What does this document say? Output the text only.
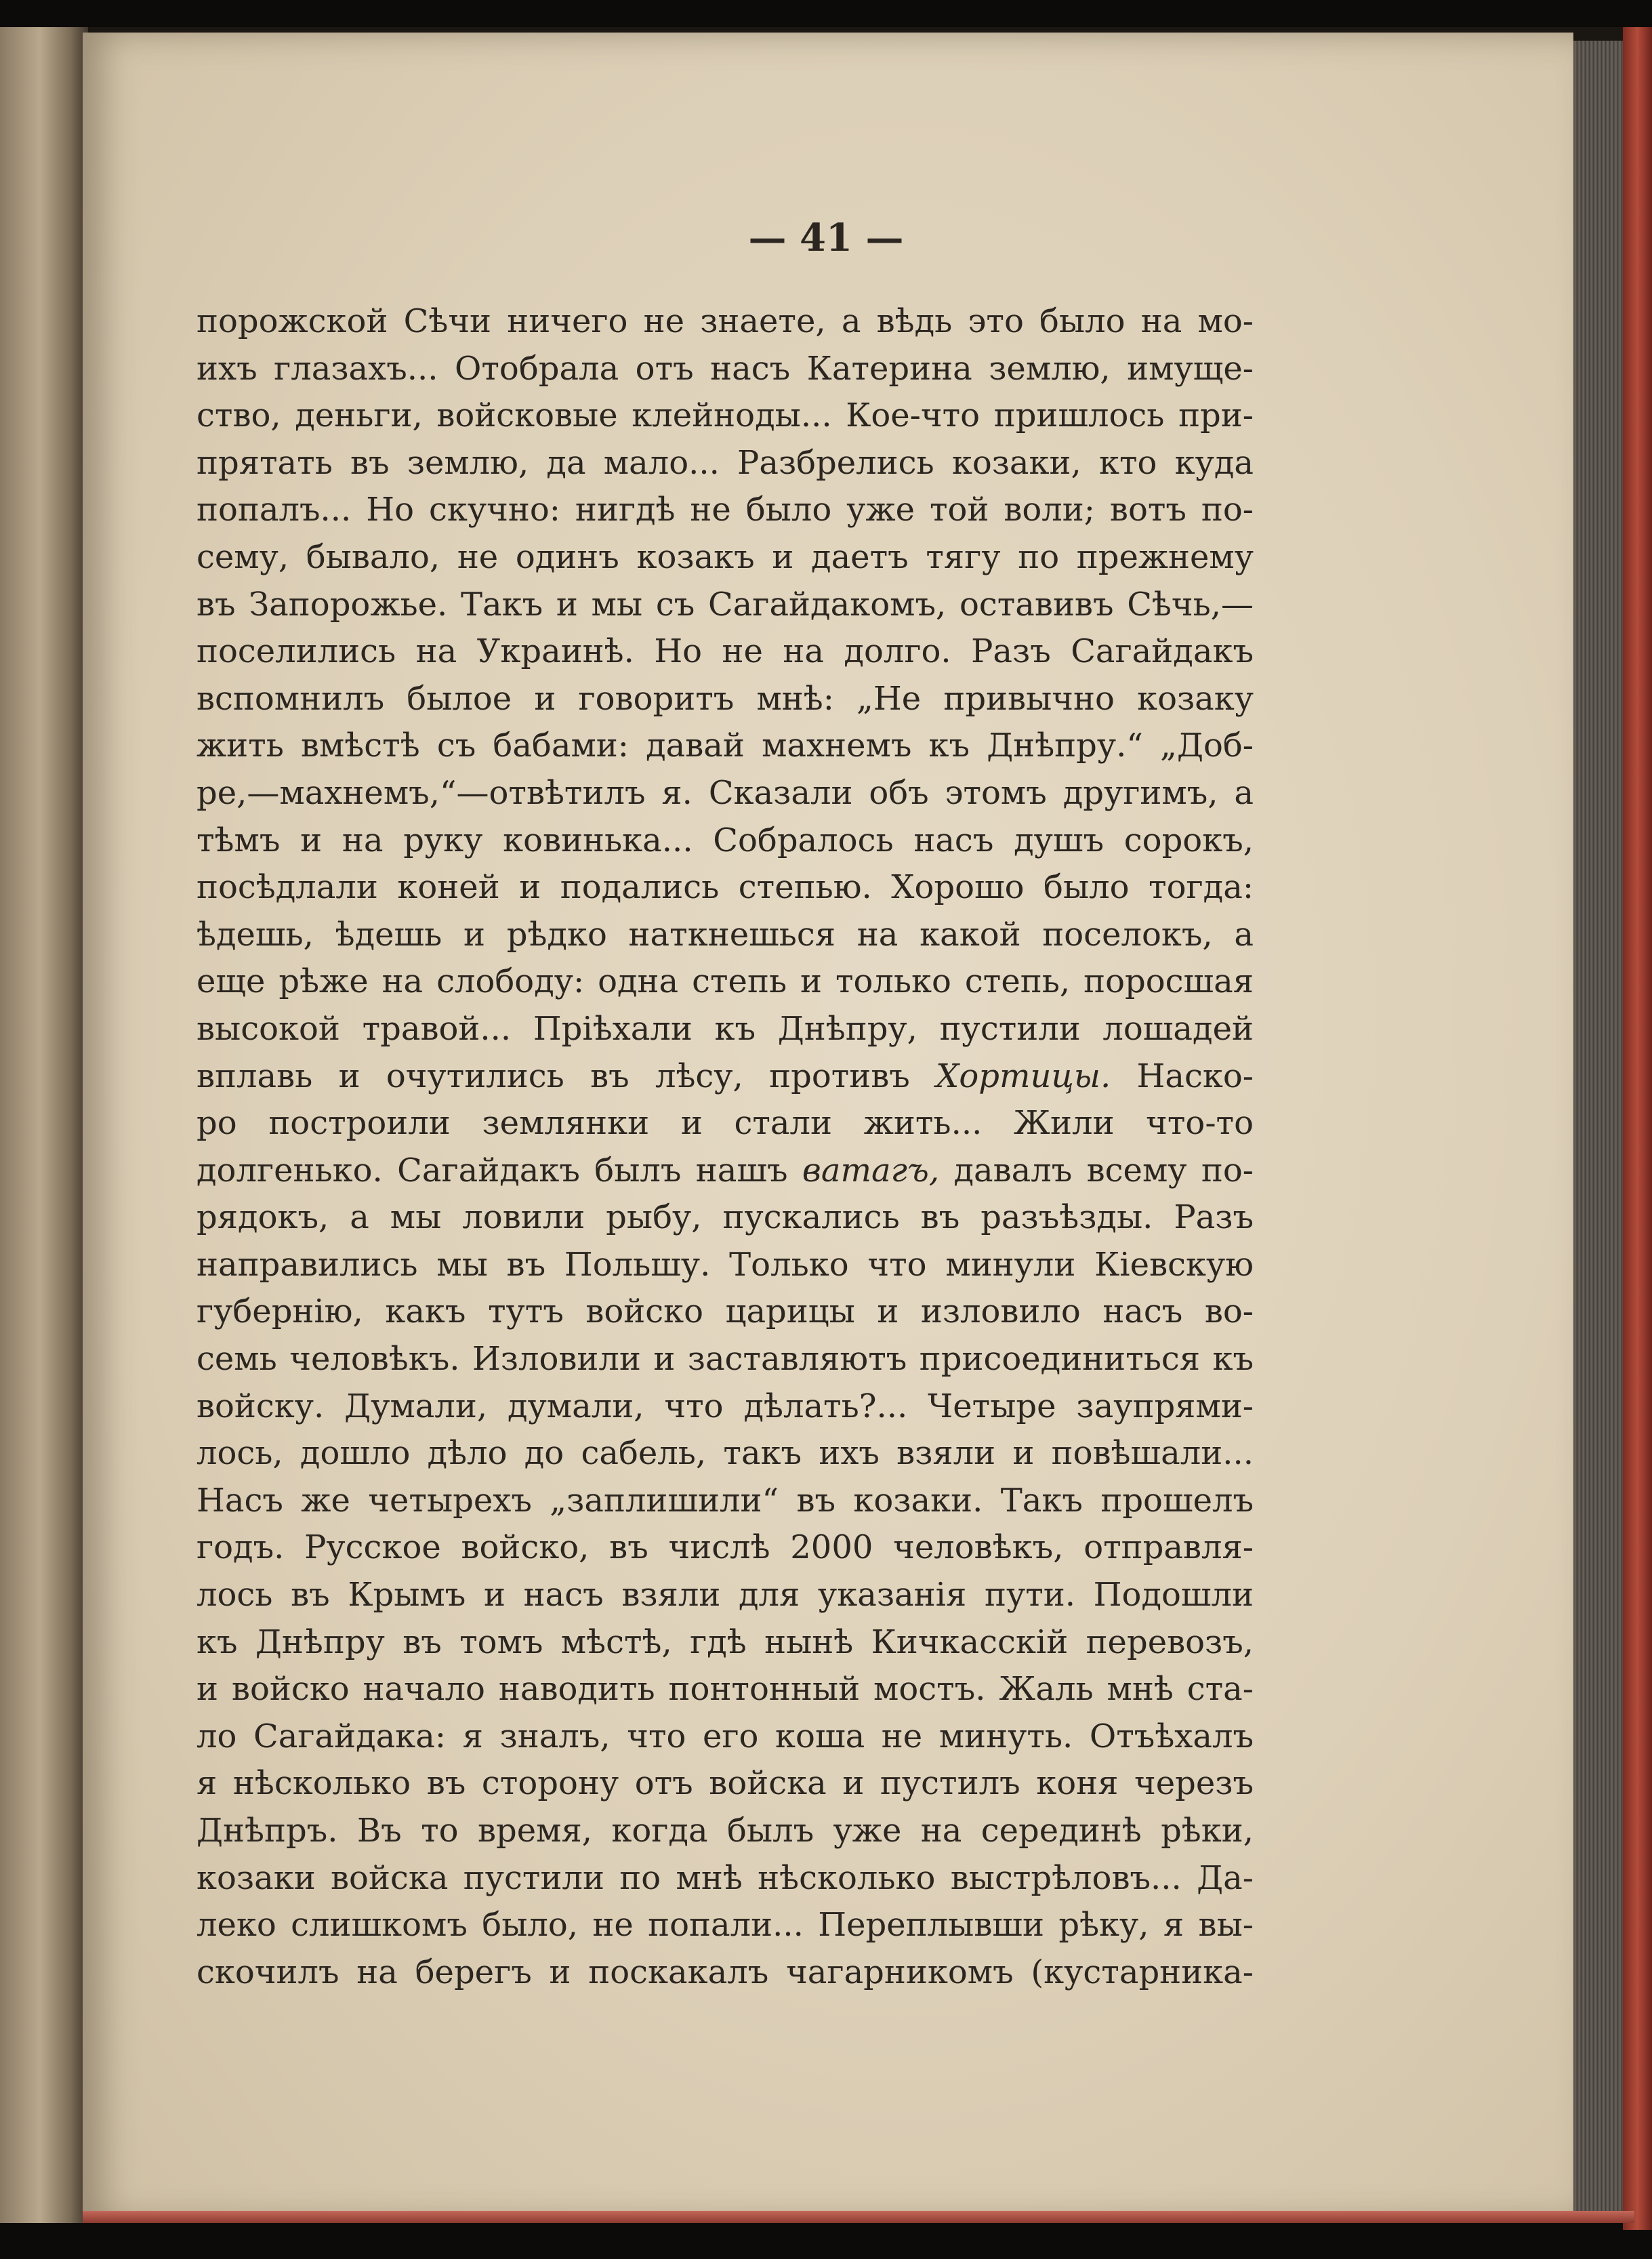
— 41 —
порожской Сѣчи ничего не знаете, а вѣдь это было на мо-
ихъ глазахъ... Отобрала отъ насъ Катерина землю, имуще-
ство, деньги, войсковые клейноды... Кое-что пришлось при-
прятать въ землю, да мало... Разбрелись козаки, кто куда
попалъ... Но скучно: нигдѣ не было уже той воли; вотъ по-
сему, бывало, не одинъ козакъ и даетъ тягу по прежнему
въ Запорожье. Такъ и мы съ Сагайдакомъ, оставивъ Сѣчь,—
поселились на Украинѣ. Но не на долго. Разъ Сагайдакъ
вспомнилъ былое и говоритъ мнѣ: „Не привычно козаку
жить вмѣстѣ съ бабами: давай махнемъ къ Днѣпру.“ „Доб-
ре,—махнемъ,“—отвѣтилъ я. Сказали объ этомъ другимъ, а
тѣмъ и на руку ковинька... Собралось насъ душъ сорокъ,
посѣдлали коней и подались степью. Хорошо было тогда:
ѣдешь, ѣдешь и рѣдко наткнешься на какой поселокъ, а
еще рѣже на слободу: одна степь и только степь, поросшая
высокой травой... Пріѣхали къ Днѣпру, пустили лошадей
вплавь и очутились въ лѣсу, противъ Хортицы. Наско-
ро построили землянки и стали жить... Жили что-то
долгенько. Сагайдакъ былъ нашъ ватагъ, давалъ всему по-
рядокъ, а мы ловили рыбу, пускались въ разъѣзды. Разъ
направились мы въ Польшу. Только что минули Кіевскую
губернію, какъ тутъ войско царицы и изловило насъ во-
семь человѣкъ. Изловили и заставляютъ присоединиться къ
войску. Думали, думали, что дѣлать?... Четыре заупрями-
лось, дошло дѣло до сабель, такъ ихъ взяли и повѣшали...
Насъ же четырехъ „заплишили“ въ козаки. Такъ прошелъ
годъ. Русское войско, въ числѣ 2000 человѣкъ, отправля-
лось въ Крымъ и насъ взяли для указанія пути. Подошли
къ Днѣпру въ томъ мѣстѣ, гдѣ нынѣ Кичкасскій перевозъ,
и войско начало наводить понтонный мостъ. Жаль мнѣ ста-
ло Сагайдака: я зналъ, что его коша не минуть. Отъѣхалъ
я нѣсколько въ сторону отъ войска и пустилъ коня черезъ
Днѣпръ. Въ то время, когда былъ уже на серединѣ рѣки,
козаки войска пустили по мнѣ нѣсколько выстрѣловъ... Да-
леко слишкомъ было, не попали... Переплывши рѣку, я вы-
скочилъ на берегъ и поскакалъ чагарникомъ (кустарника-
